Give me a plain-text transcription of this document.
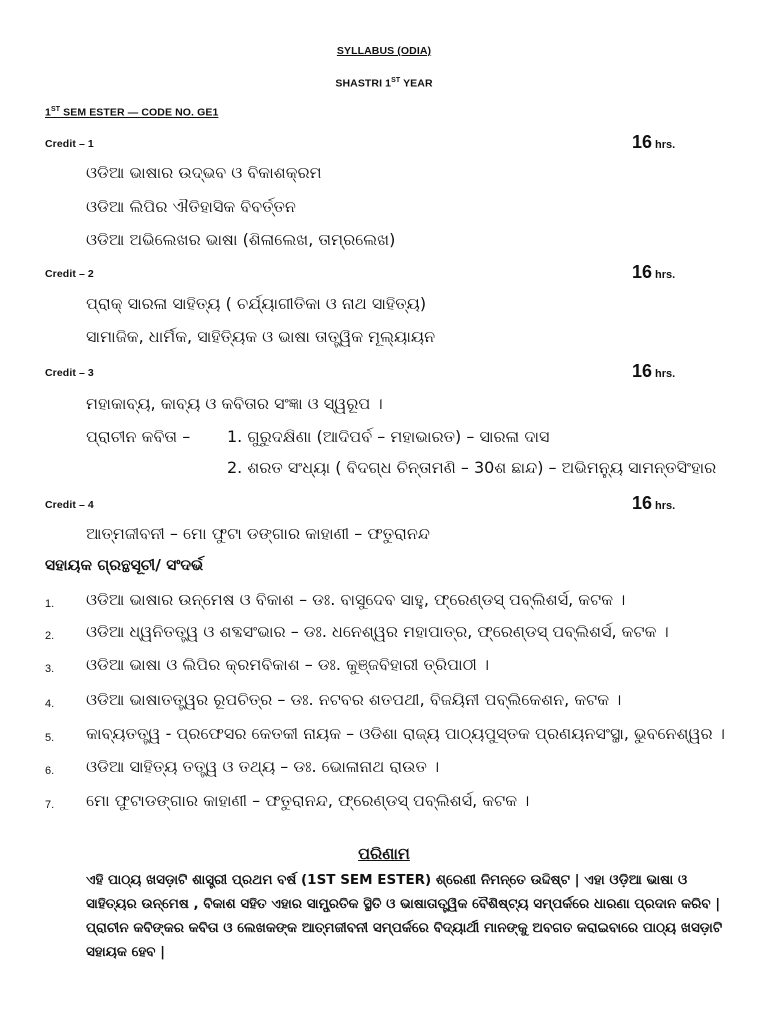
SYLLABUS (ODIA)
SHASTRI 1ST YEAR
1ST SEM ESTER — CODE NO. GE1
Credit – 1	16 hrs.
ଓଡିଆ ଭାଷାର ଉଦ୍ଭବ ଓ ବିକାଶକ୍ରମ
ଓଡିଆ ଲିପିର ଐତିହାସିକ ବିବର୍ତ୍ତନ
ଓଡିଆ ଅଭିଲେଖର ଭାଷା (ଶିଳାଲେଖ, ତାମ୍ରଲେଖ)
Credit – 2	16 hrs.
ପ୍ରାକ୍ ସାରଳା ସାହିତ୍ୟ ( ଚର୍ଯ୍ୟାଗୀତିକା ଓ ନାଥ ସାହିତ୍ୟ)
ସାମାଜିକ, ଧାର୍ମିକ, ସାହିତ୍ୟିକ ଓ ଭାଷା ତାତ୍ତ୍ୱିକ ମୂଲ୍ୟାୟନ
Credit – 3	16 hrs.
ମହାକାବ୍ୟ, କାବ୍ୟ ଓ କବିତାର ସଂଜ୍ଞା ଓ ସ୍ୱରୂପ ।
ପ୍ରାଚୀନ କବିତା – 1. ଗୁରୁଦକ୍ଷିଣା (ଆଦିପର୍ବ – ମହାଭାରତ) – ସାରଳା ଦାସ
2. ଶରତ ସଂଧ୍ୟା ( ବିଦଗ୍ଧ ଚିନ୍ତାମଣି – 30ଶ ଛାନ୍ଦ) – ଅଭିମନ୍ୟୁ ସାମନ୍ତସିଂହାର
Credit – 4	16 hrs.
ଆତ୍ମଜୀବନୀ – ମୋ ଫୁଟା ଡଙ୍ଗାର କାହାଣୀ – ଫତୁରାନନ୍ଦ
ସହାୟକ ଗ୍ରନ୍ଥସୂଚୀ/ ସଂଦର୍ଭ
1. ଓଡିଆ ଭାଷାର ଉନ୍ମେଷ ଓ ବିକାଶ – ଡଃ. ବାସୁଦେବ ସାହୁ, ଫ୍ରେଣ୍ଡସ୍ ପବ୍ଲିଶର୍ସ, କଟକ ।
2. ଓଡିଆ ଧ୍ୱନିତତ୍ତ୍ୱ ଓ ଶବ୍ଦସଂଭାର – ଡଃ. ଧନେଶ୍ୱର ମହାପାତ୍ର, ଫ୍ରେଣ୍ଡସ୍ ପବ୍ଲିଶର୍ସ, କଟକ ।
3. ଓଡିଆ ଭାଷା ଓ ଲିପିର କ୍ରମବିକାଶ – ଡଃ. କୁଞ୍ଜବିହାରୀ ତ୍ରିପାଠୀ ।
4. ଓଡିଆ ଭାଷାତତ୍ତ୍ୱର ରୂପଚିତ୍ର – ଡଃ. ନଟବର ଶତପଥୀ, ବିଜୟିନୀ ପବ୍ଲିକେଶନ, କଟକ ।
5. କାବ୍ୟତତ୍ତ୍ୱ - ପ୍ରଫେସର କେତକୀ ନାୟକ – ଓଡିଶା ରାଜ୍ୟ ପାଠ୍ୟପୁସ୍ତକ ପ୍ରଣୟନସଂସ୍ଥା, ଭୁବନେଶ୍ୱର ।
6. ଓଡିଆ ସାହିତ୍ୟ ତତ୍ତ୍ୱ ଓ ତଥ୍ୟ – ଡଃ. ଭୋଳାନାଥ ରାଉତ ।
7. ମୋ ଫୁଟାଡଙ୍ଗାର କାହାଣୀ – ଫତୁରାନନ୍ଦ, ଫ୍ରେଣ୍ଡସ୍ ପବ୍ଲିଶର୍ସ, କଟକ ।
ପରିଣାମ
ଏହି ପାଠ୍ୟ ଖସଡ଼ାଟି ଶାସ୍ତ୍ରୀ ପ୍ରଥମ ବର୍ଷ (1ST SEM ESTER) ଶ୍ରେଣୀ ନିମନ୍ତେ ଉଦ୍ଦିଷ୍ଟ | ଏହା ଓଡ଼ିଆ ଭାଷା ଓ ସାହିତ୍ୟର ଉନ୍ମେଷ , ବିକାଶ ସହିତ ଏହାର ସାମ୍ପ୍ରତିକ ସ୍ଥିତି ଓ ଭାଷାତାତ୍ତ୍ୱିକ ବୈଶିଷ୍ଟ୍ୟ ସମ୍ପର୍କରେ ଧାରଣା ପ୍ରଦାନ କରିବ | ପ୍ରାଚୀନ କବିଙ୍କର କବିତା ଓ ଲେଖକଙ୍କ ଆତ୍ମଜୀବନୀ ସମ୍ପର୍କରେ ବିଦ୍ୟାର୍ଥୀ ମାନଙ୍କୁ ଅବଗତ କରାଇବାରେ ପାଠ୍ୟ ଖସଡ଼ାଟି ସହାୟକ ହେବ |
